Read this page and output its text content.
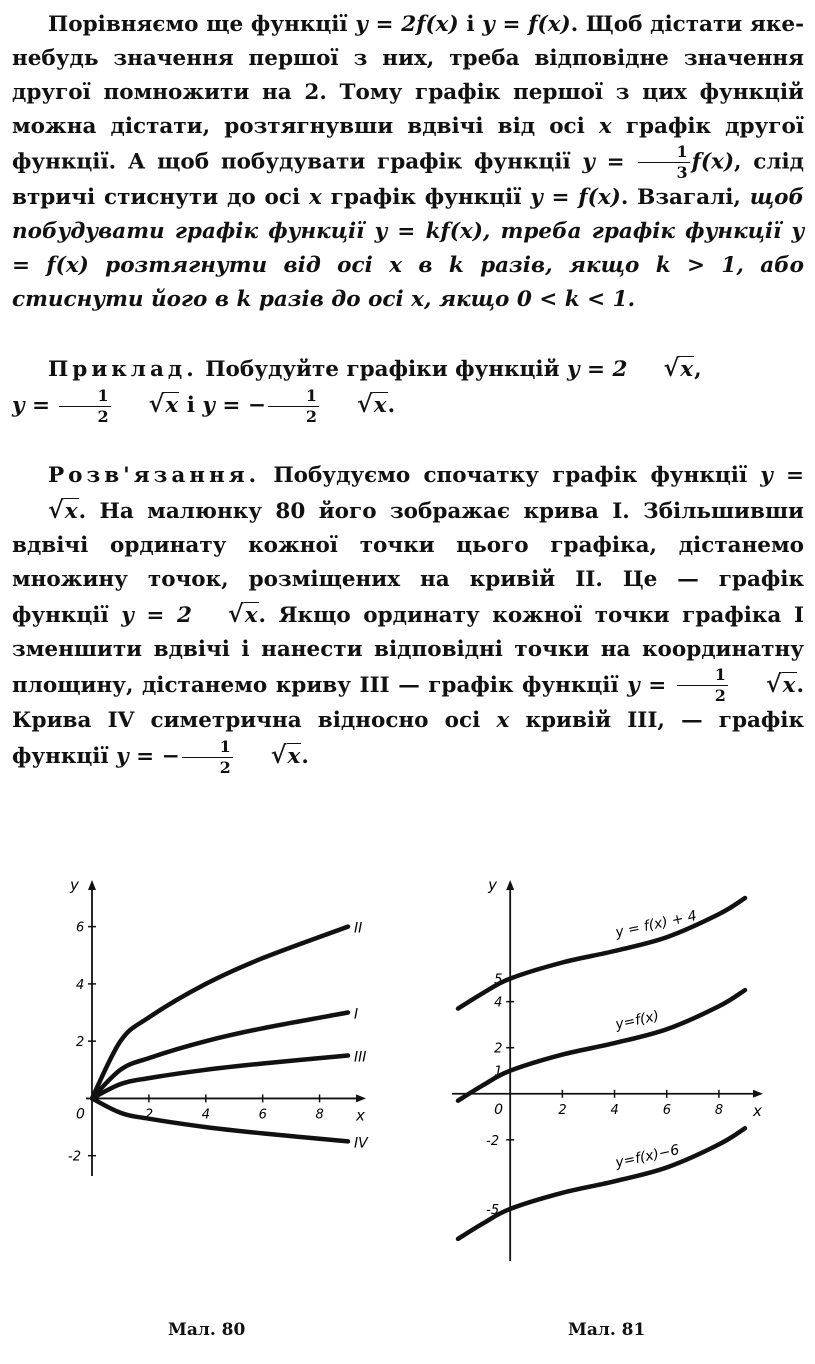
Порівняємо ще функції y = 2f(x) і y = f(x). Щоб дістати яке-небудь значення першої з них, треба відповідне значення другої помножити на 2. Тому графік першої з цих функцій можна дістати, розтягнувши вдвічі від осі x графік другої функції. А щоб побудувати графік функції $y = \frac{1}{3} f(x)$, слід втричі стиснути до осі x графік функції y = f(x). Взагалі, щоб побудувати графік функції y = kf(x), треба графік функції y = f(x) розтягнути від осі x в k разів, якщо k > 1, або стиснути його в k разів до осі x, якщо 0 < k < 1.

Приклад. Побудуйте графіки функцій y = 2 √x,
$y = \frac{1}{2} √x$ і y = − $\frac{1}{2} √x$.

Розв'язання. Побудуємо спочатку графік функції y = √x. На малюнку 80 його зображає крива I. Збільшивши вдвічі ординату кожної точки цього графіка, дістанемо множину точок, розміщених на кривій II. Це — графік функції y = 2 √x. Якщо ординату кожної точки графіка I зменшити вдвічі і нанести відповідні точки на координатну площину, дістанемо криву III — графік функції $y = \frac{1}{2} √x$. Крива IV симетрична відносно осі x кривій III, — графік функції y = − $\frac{1}{2} √x$.

x
y
0	2	4	6	8
6
4
2
-2
II
I
III
IV
Мал. 80
x
y
0	2	4	6	8
5
4
2
1
-2
-5
y = f(x) + 4
y=f(x)
y=f(x)−6
Мал. 81
